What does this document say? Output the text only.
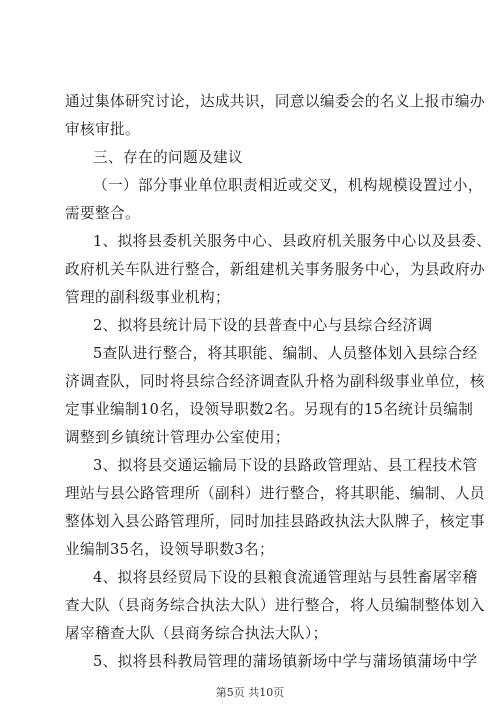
通过集体研究讨论，达成共识，同意以编委会的名义上报市编办
审核审批。
三、存在的问题及建议
（一）部分事业单位职责相近或交叉，机构规模设置过小，
需要整合。
1、拟将县委机关服务中心、县政府机关服务中心以及县委、
政府机关车队进行整合，新组建机关事务服务中心，为县政府办
管理的副科级事业机构；
2、拟将县统计局下设的县普查中心与县综合经济调
5查队进行整合，将其职能、编制、人员整体划入县综合经
济调查队，同时将县综合经济调查队升格为副科级事业单位，核
定事业编制10名，设领导职数2名。另现有的15名统计员编制
调整到乡镇统计管理办公室使用；
3、拟将县交通运输局下设的县路政管理站、县工程技术管
理站与县公路管理所（副科）进行整合，将其职能、编制、人员
整体划入县公路管理所，同时加挂县路政执法大队牌子，核定事
业编制35名，设领导职数3名；
4、拟将县经贸局下设的县粮食流通管理站与县牲畜屠宰稽
查大队（县商务综合执法大队）进行整合，将人员编制整体划入
屠宰稽查大队（县商务综合执法大队）；
5、拟将县科教局管理的蒲场镇新场中学与蒲场镇蒲场中学
第5页 共10页
